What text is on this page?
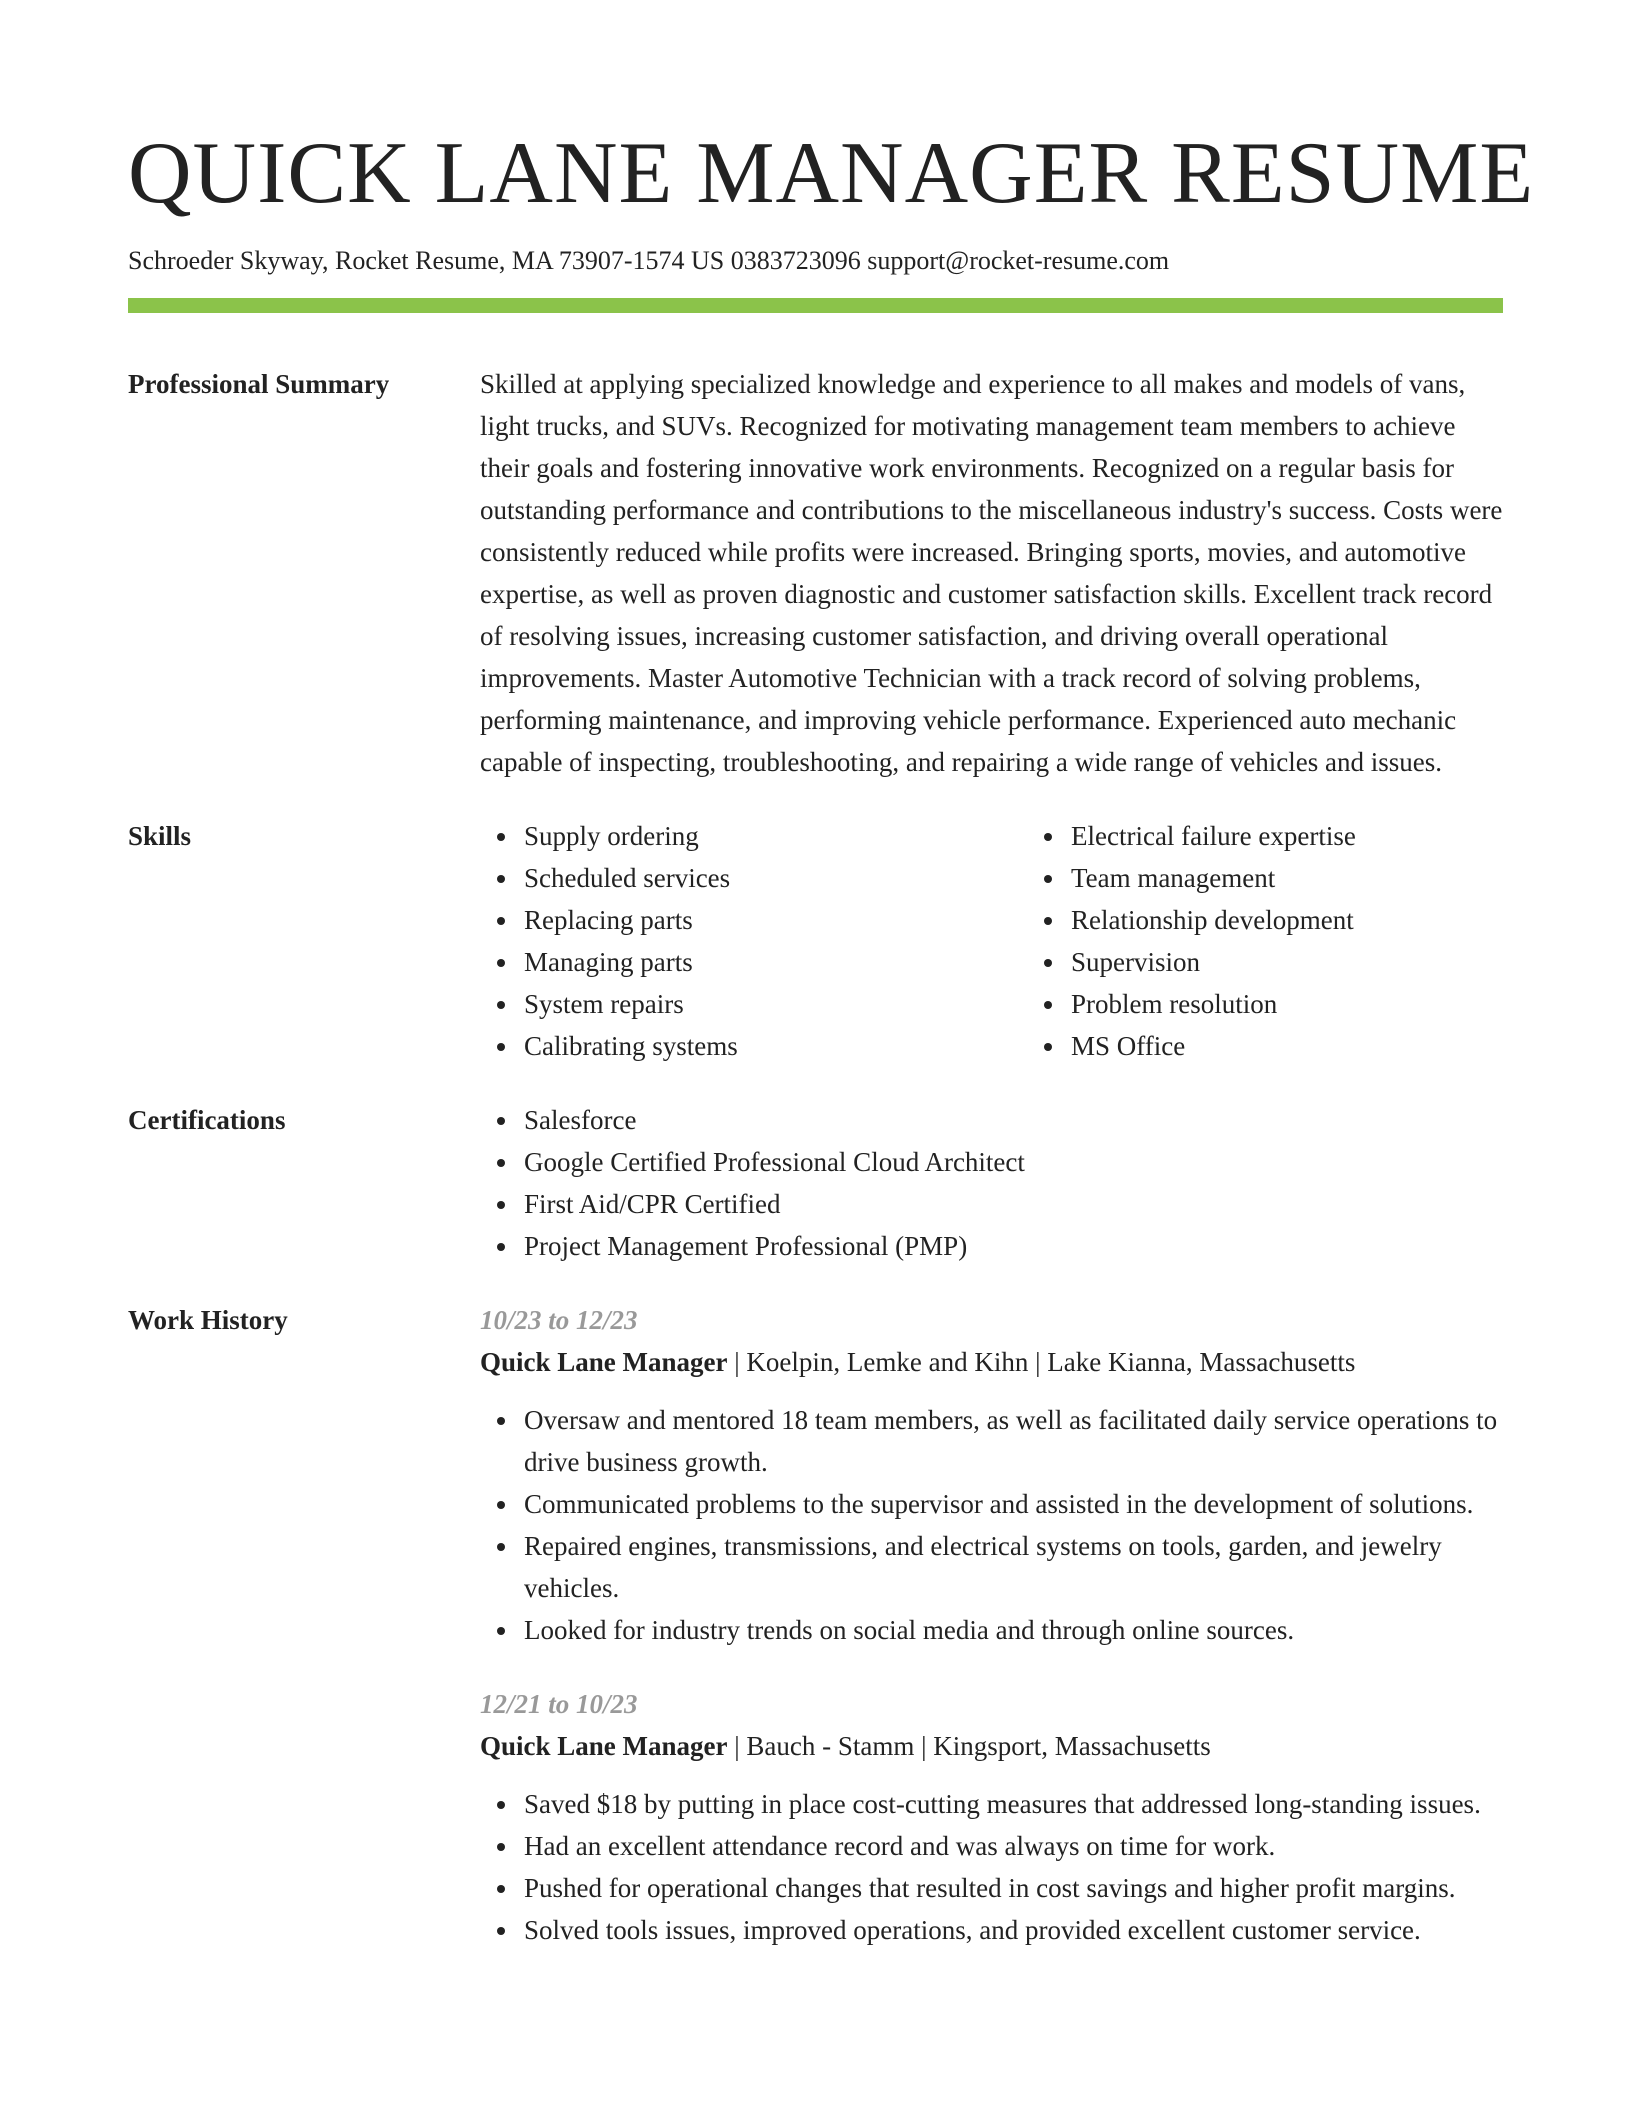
QUICK LANE MANAGER RESUME
Schroeder Skyway, Rocket Resume, MA 73907-1574 US 0383723096 support@rocket-resume.com
Professional Summary	Skilled at applying specialized knowledge and experience to all makes and models of vans, light trucks, and SUVs. Recognized for motivating management team members to achieve their goals and fostering innovative work environments. Recognized on a regular basis for outstanding performance and contributions to the miscellaneous industry's success. Costs were consistently reduced while profits were increased. Bringing sports, movies, and automotive expertise, as well as proven diagnostic and customer satisfaction skills. Excellent track record of resolving issues, increasing customer satisfaction, and driving overall operational improvements. Master Automotive Technician with a track record of solving problems, performing maintenance, and improving vehicle performance. Experienced auto mechanic capable of inspecting, troubleshooting, and repairing a wide range of vehicles and issues.
Skills	Supply ordering
Scheduled services
Replacing parts
Managing parts
System repairs
Calibrating systems
Electrical failure expertise
Team management
Relationship development
Supervision
Problem resolution
MS Office
Certifications	Salesforce
Google Certified Professional Cloud Architect
First Aid/CPR Certified
Project Management Professional (PMP)
Work History	10/23 to 12/23
Quick Lane Manager | Koelpin, Lemke and Kihn | Lake Kianna, Massachusetts
Oversaw and mentored 18 team members, as well as facilitated daily service operations to drive business growth.
Communicated problems to the supervisor and assisted in the development of solutions.
Repaired engines, transmissions, and electrical systems on tools, garden, and jewelry vehicles.
Looked for industry trends on social media and through online sources.
12/21 to 10/23
Quick Lane Manager | Bauch - Stamm | Kingsport, Massachusetts
Saved $18 by putting in place cost-cutting measures that addressed long-standing issues.
Had an excellent attendance record and was always on time for work.
Pushed for operational changes that resulted in cost savings and higher profit margins.
Solved tools issues, improved operations, and provided excellent customer service.
